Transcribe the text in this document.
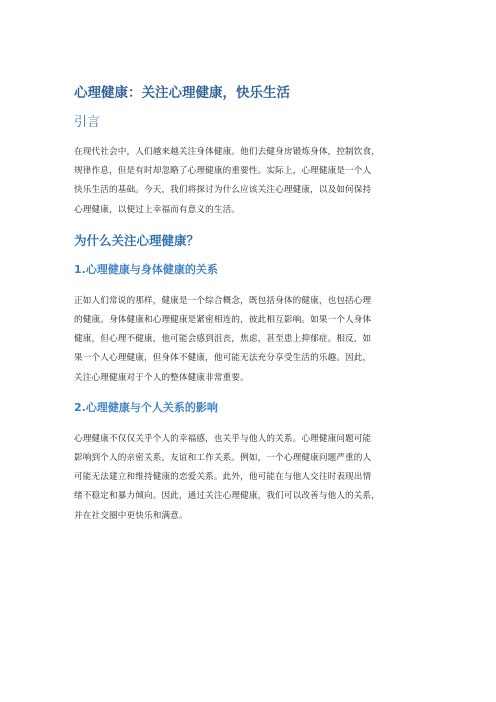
心理健康：关注心理健康，快乐生活
引言
在现代社会中，人们越来越关注身体健康。他们去健身房锻炼身体，控制饮食，
规律作息，但是有时却忽略了心理健康的重要性。实际上，心理健康是一个人
快乐生活的基础。今天，我们将探讨为什么应该关注心理健康，以及如何保持
心理健康，以便过上幸福而有意义的生活。
为什么关注心理健康？
1.心理健康与身体健康的关系
正如人们常说的那样，健康是一个综合概念，既包括身体的健康，也包括心理
的健康。身体健康和心理健康是紧密相连的，彼此相互影响。如果一个人身体
健康，但心理不健康，他可能会感到沮丧，焦虑，甚至患上抑郁症。相反，如
果一个人心理健康，但身体不健康，他可能无法充分享受生活的乐趣。因此，
关注心理健康对于个人的整体健康非常重要。
2.心理健康与个人关系的影响
心理健康不仅仅关乎个人的幸福感，也关乎与他人的关系。心理健康问题可能
影响到个人的亲密关系，友谊和工作关系。例如，一个心理健康问题严重的人
可能无法建立和维持健康的恋爱关系。此外，他可能在与他人交往时表现出情
绪不稳定和暴力倾向。因此，通过关注心理健康，我们可以改善与他人的关系，
并在社交圈中更快乐和满意。
